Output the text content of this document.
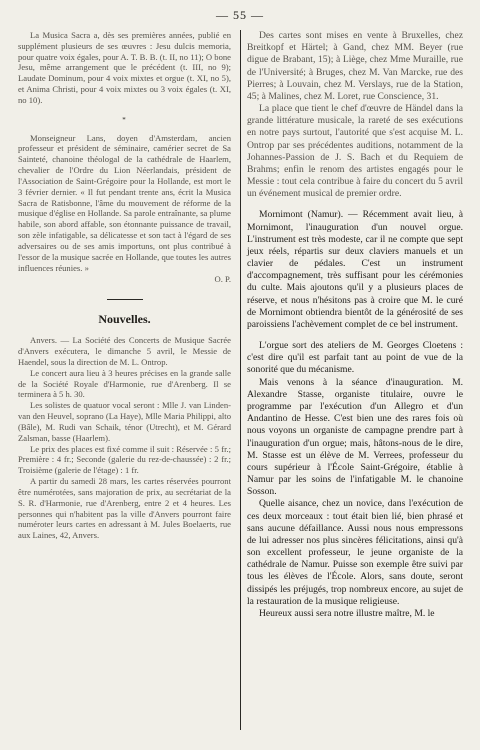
— 55 —

La Musica Sacra a, dès ses premières années, publié en supplément plusieurs de ses œuvres : Jesu dulcis memoria, pour quatre voix égales, pour A. T. B. B. (t. II, no 11); O bone Jesu, même arrangement que le précédent (t. III, no 9); Laudate Dominum, pour 4 voix mixtes et orgue (t. XI, no 5), et Anima Christi, pour 4 voix mixtes ou 3 voix égales (t. XI, no 10).

*

Monseigneur Lans, doyen d'Amsterdam, ancien professeur et président de séminaire, camérier secret de Sa Sainteté, chanoine théologal de la cathédrale de Haarlem, chevalier de l'Ordre du Lion Néerlandais, président de l'Association de Saint-Grégoire pour la Hollande, est mort le 3 février dernier. « Il fut pendant trente ans, écrit la Musica Sacra de Ratisbonne, l'âme du mouvement de réforme de la musique d'église en Hollande. Sa parole entraînante, sa plume habile, son abord affable, son étonnante puissance de travail, son zèle infatigable, sa délicatesse et son tact à l'égard de ses adversaires ou de ses amis importuns, ont plus contribué à l'essor de la musique sacrée en Hollande, que toutes les autres influences réunies. »

O. P.

Nouvelles.

Anvers. — La Société des Concerts de Musique Sacrée d'Anvers exécutera, le dimanche 5 avril, le Messie de Haendel, sous la direction de M. L. Ontrop.

Le concert aura lieu à 3 heures précises en la grande salle de la Société Royale d'Harmonie, rue d'Arenberg. Il se terminera à 5 h. 30.

Les solistes de quatuor vocal seront : Mlle J. van Linden-van den Heuvel, soprano (La Haye), Mlle Maria Philippi, alto (Bâle), M. Rudi van Schaik, ténor (Utrecht), et M. Gérard Zalsman, basse (Haarlem).

Le prix des places est fixé comme il suit : Réservée : 5 fr.; Première : 4 fr.; Seconde (galerie du rez-de-chaussée) : 2 fr.; Troisième (galerie de l'étage) : 1 fr.

A partir du samedi 28 mars, les cartes réservées pourront être numérotées, sans majoration de prix, au secrétariat de la S. R. d'Harmonie, rue d'Arenberg, entre 2 et 4 heures. Les personnes qui n'habitent pas la ville d'Anvers pourront faire numéroter leurs cartes en adressant à M. Jules Boelaerts, rue aux Laines, 42, Anvers.

Des cartes sont mises en vente à Bruxelles, chez Breitkopf et Härtel; à Gand, chez MM. Beyer (rue digue de Brabant, 15); à Liège, chez Mme Muraille, rue de l'Université; à Bruges, chez M. Van Marcke, rue des Pierres; à Louvain, chez M. Verslays, rue de la Station, 45; à Malines, chez M. Loret, rue Conscience, 31.

La place que tient le chef d'œuvre de Händel dans la grande littérature musicale, la rareté de ses exécutions en notre pays surtout, l'autorité que s'est acquise M. L. Ontrop par ses précédentes auditions, notamment de la Johannes-Passion de J. S. Bach et du Requiem de Brahms; enfin le renom des artistes engagés pour le Messie : tout cela contribue à faire du concert du 5 avril un événement musical de premier ordre.

Mornimont (Namur). — Récemment avait lieu, à Mornimont, l'inauguration d'un nouvel orgue. L'instrument est très modeste, car il ne compte que sept jeux réels, répartis sur deux claviers manuels et un clavier de pédales. C'est un instrument d'accompagnement, très suffisant pour les cérémonies du culte. Mais ajoutons qu'il y a plusieurs places de réserve, et nous n'hésitons pas à croire que M. le curé de Mornimont obtiendra bientôt de la générosité de ses paroissiens l'achèvement complet de ce bel instrument.

L'orgue sort des ateliers de M. Georges Cloetens : c'est dire qu'il est parfait tant au point de vue de la sonorité que du mécanisme.

Mais venons à la séance d'inauguration. M. Alexandre Stasse, organiste titulaire, ouvre le programme par l'exécution d'un Allegro et d'un Andantino de Hesse. C'est bien une des rares fois où nous voyons un organiste de campagne prendre part à l'inauguration d'un orgue; mais, hâtons-nous de le dire, M. Stasse est un élève de M. Verrees, professeur du cours supérieur à l'École Saint-Grégoire, établie à Namur par les soins de l'infatigable M. le chanoine Sosson.

Quelle aisance, chez un novice, dans l'exécution de ces deux morceaux : tout était bien lié, bien phrasé et sans aucune défaillance. Aussi nous nous empressons de lui adresser nos plus sincères félicitations, ainsi qu'à son excellent professeur, le jeune organiste de la cathédrale de Namur. Puisse son exemple être suivi par tous les élèves de l'École. Alors, sans doute, seront dissipés les préjugés, trop nombreux encore, au sujet de la restauration de la musique religieuse.

Heureux aussi sera notre illustre maître, M. le
